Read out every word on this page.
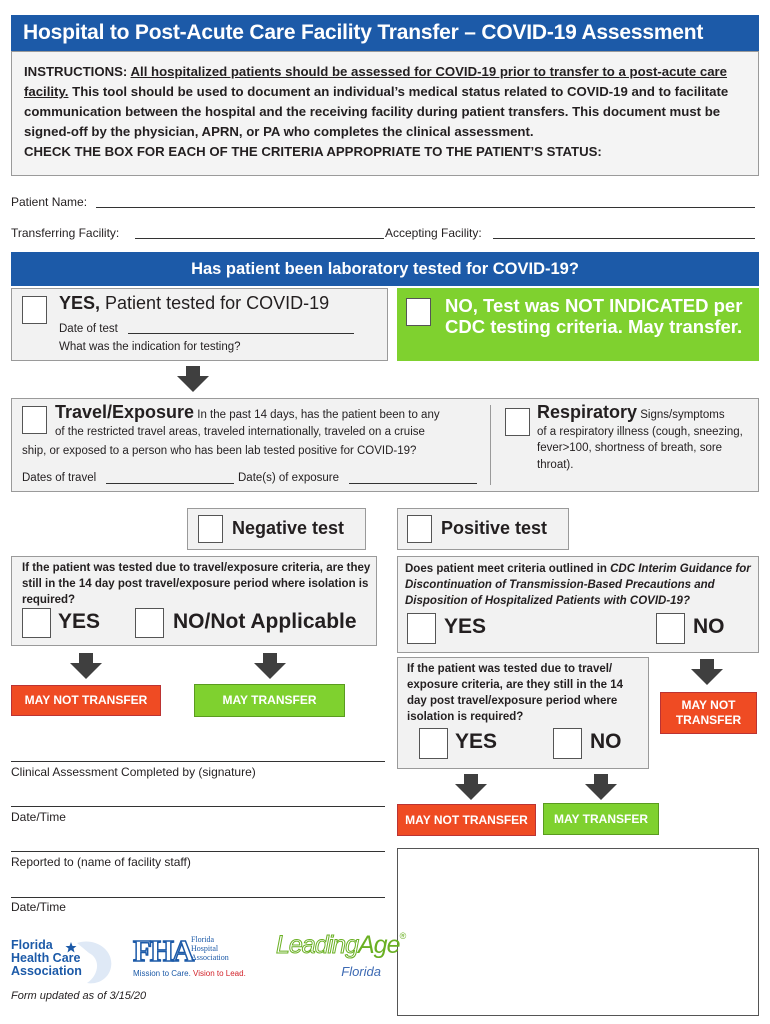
Hospital to Post-Acute Care Facility Transfer – COVID-19 Assessment
INSTRUCTIONS: All hospitalized patients should be assessed for COVID-19 prior to transfer to a post-acute care facility. This tool should be used to document an individual’s medical status related to COVID-19 and to facilitate communication between the hospital and the receiving facility during patient transfers. This document must be signed-off by the physician, APRN, or PA who completes the clinical assessment.
CHECK THE BOX FOR EACH OF THE CRITERIA APPROPRIATE TO THE PATIENT’S STATUS:
Patient Name:
Transferring Facility:	Accepting Facility:
Has patient been laboratory tested for COVID-19?
YES, Patient tested for COVID-19
Date of test
What was the indication for testing?
NO, Test was NOT INDICATED per CDC testing criteria. May transfer.
Travel/Exposure In the past 14 days, has the patient been to any
of the restricted travel areas, traveled internationally, traveled on a cruise
ship, or exposed to a person who has been lab tested positive for COVID-19?
Dates of travel	Date(s) of exposure
Respiratory Signs/symptoms
of a respiratory illness (cough, sneezing, fever>100, shortness of breath, sore throat).
Negative test	Positive test
If the patient was tested due to travel/exposure criteria, are they still in the 14 day post travel/exposure period where isolation is required?
YES	NO/Not Applicable
MAY NOT TRANSFER	MAY TRANSFER
Does patient meet criteria outlined in CDC Interim Guidance for Discontinuation of Transmission-Based Precautions and Disposition of Hospitalized Patients with COVID-19?
YES	NO
If the patient was tested due to travel/ exposure criteria, are they still in the 14 day post travel/exposure period where isolation is required?
YES	NO
MAY NOT TRANSFER
MAY NOT TRANSFER	MAY TRANSFER
Clinical Assessment Completed by (signature)
Date/Time
Reported to (name of facility staff)
Date/Time
Florida
Health Care
Association
FHA
Florida
Hospital
Association
Mission to Care. Vision to Lead.
LeadingAge®
Florida
Form updated as of 3/15/20
